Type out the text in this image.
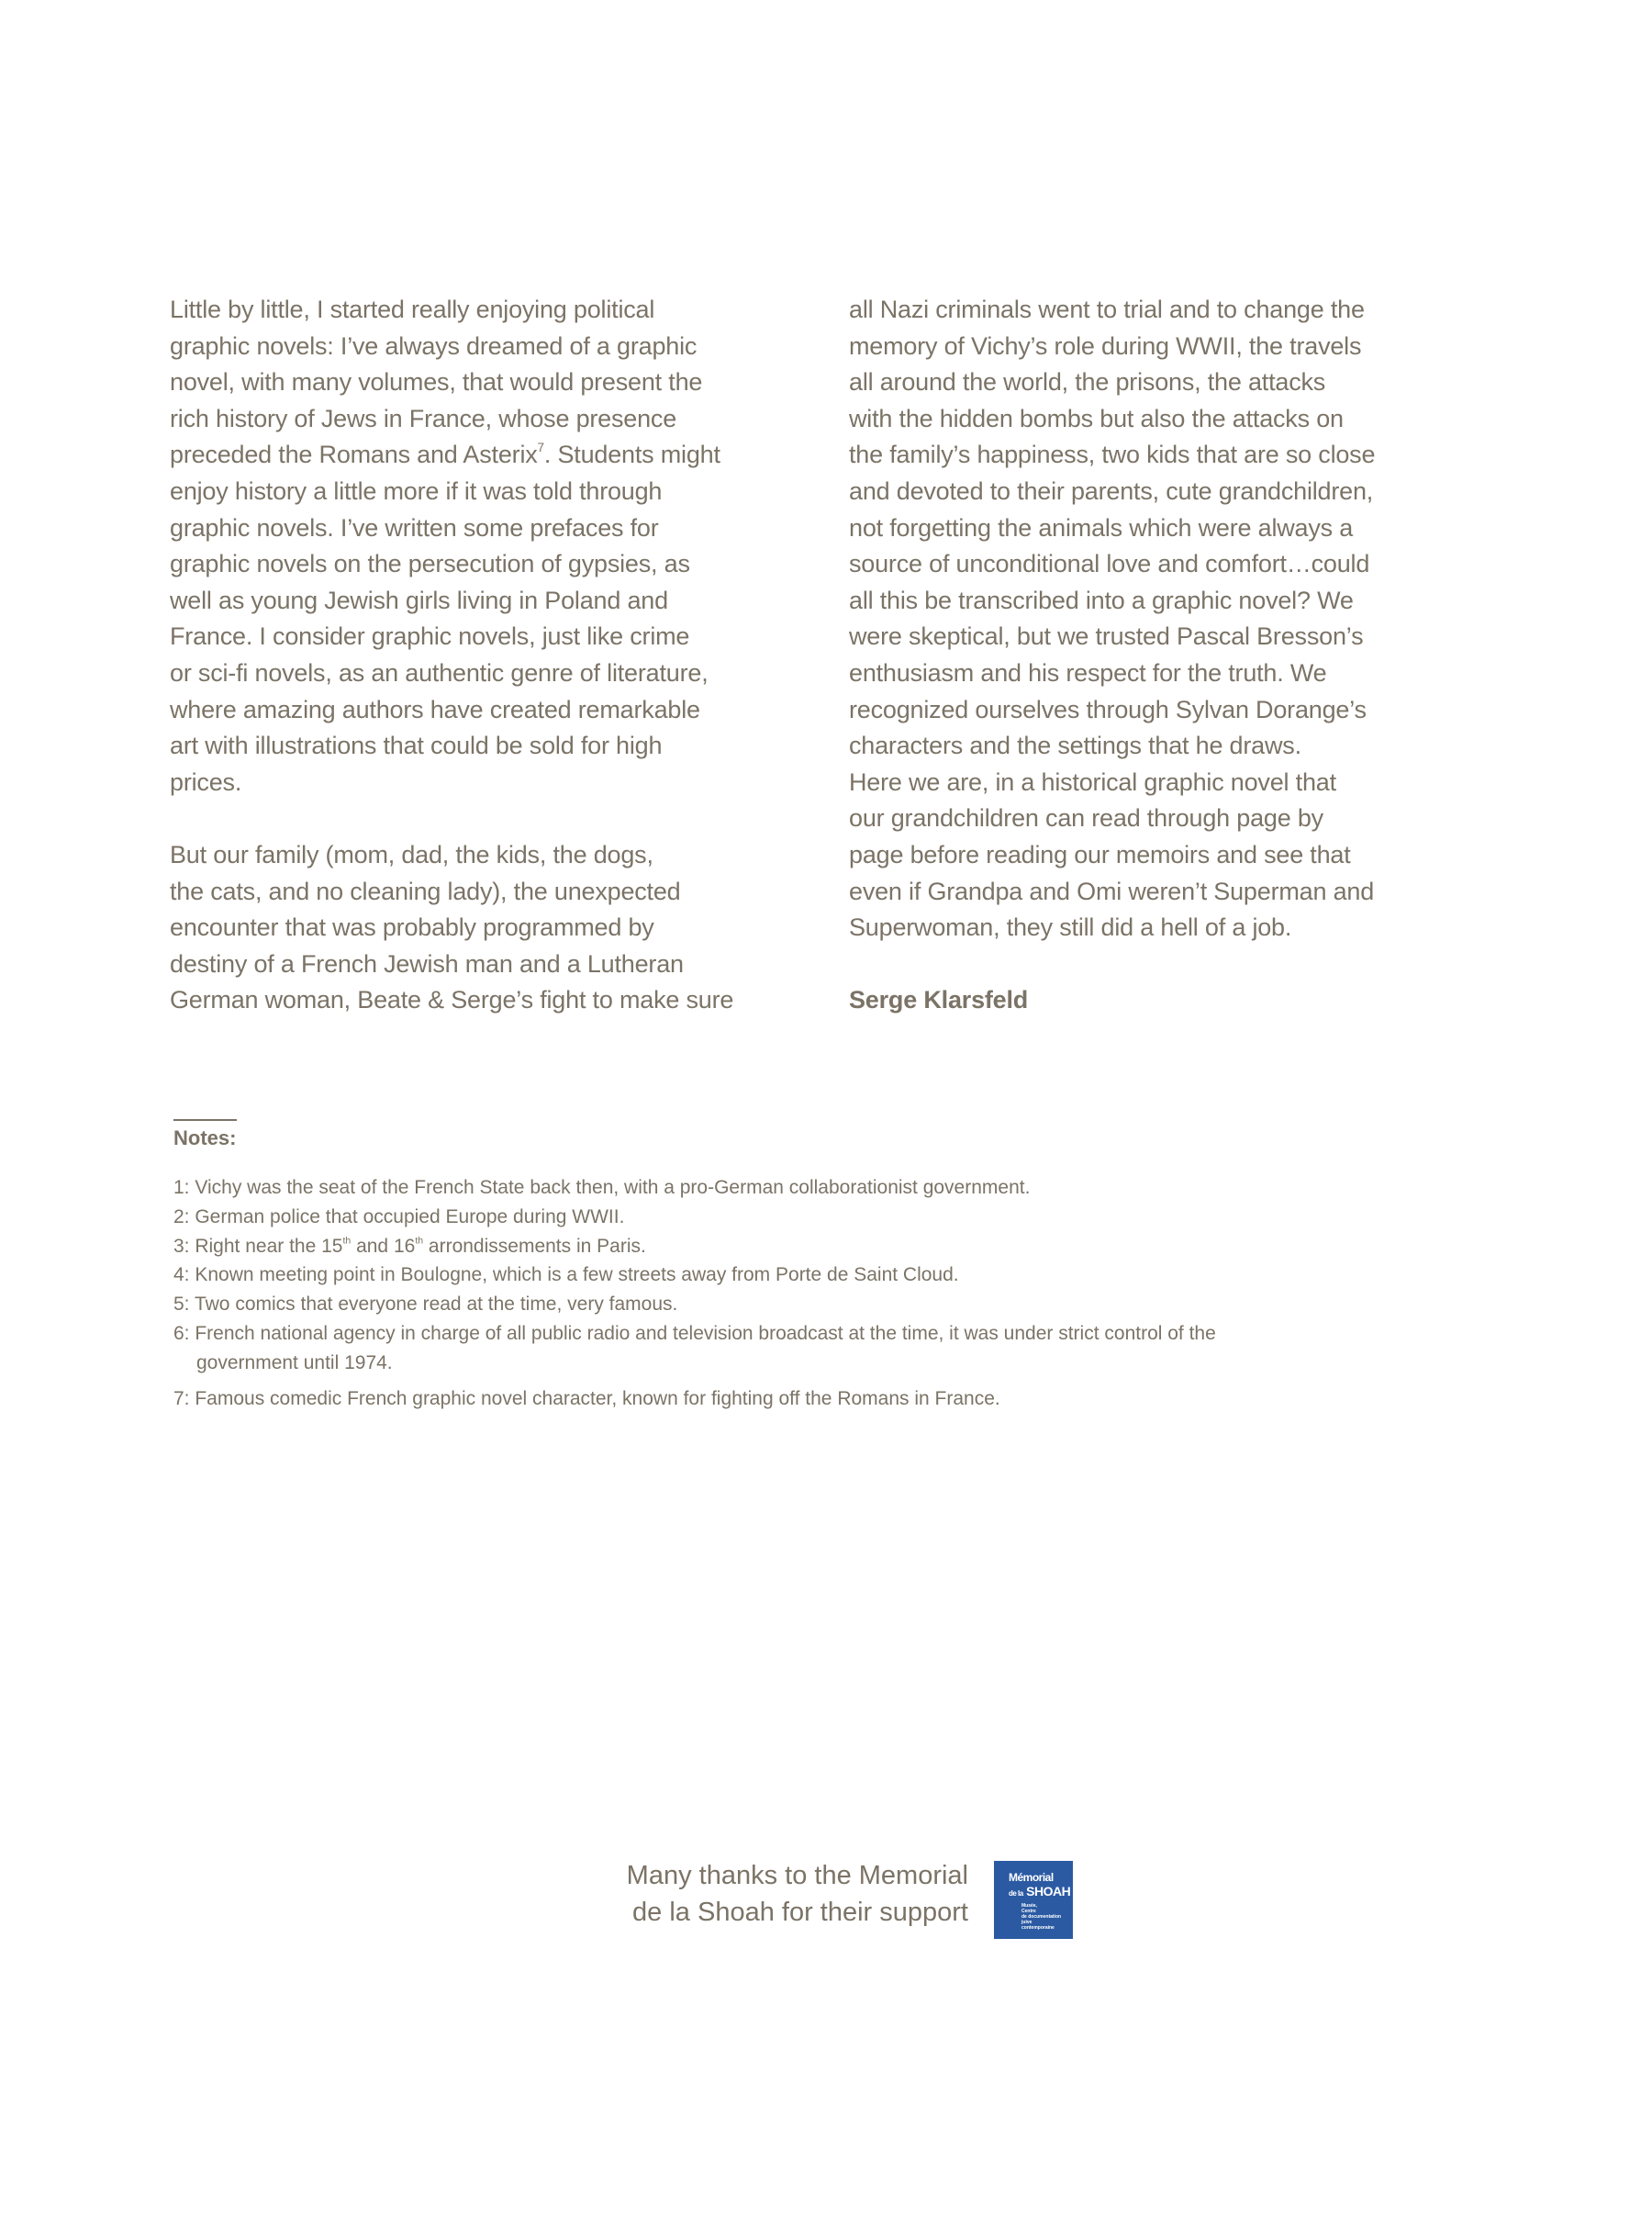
Little by little, I started really enjoying political
graphic novels: I’ve always dreamed of a graphic
novel, with many volumes, that would present the
rich history of Jews in France, whose presence
preceded the Romans and Asterix$^7$. Students might
enjoy history a little more if it was told through
graphic novels. I’ve written some prefaces for
graphic novels on the persecution of gypsies, as
well as young Jewish girls living in Poland and
France. I consider graphic novels, just like crime
or sci-fi novels, as an authentic genre of literature,
where amazing authors have created remarkable
art with illustrations that could be sold for high
prices.
But our family (mom, dad, the kids, the dogs,
the cats, and no cleaning lady), the unexpected
encounter that was probably programmed by
destiny of a French Jewish man and a Lutheran
German woman, Beate & Serge’s fight to make sure
all Nazi criminals went to trial and to change the
memory of Vichy’s role during WWII, the travels
all around the world, the prisons, the attacks
with the hidden bombs but also the attacks on
the family’s happiness, two kids that are so close
and devoted to their parents, cute grandchildren,
not forgetting the animals which were always a
source of unconditional love and comfort…could
all this be transcribed into a graphic novel? We
were skeptical, but we trusted Pascal Bresson’s
enthusiasm and his respect for the truth. We
recognized ourselves through Sylvan Dorange’s
characters and the settings that he draws.
Here we are, in a historical graphic novel that
our grandchildren can read through page by
page before reading our memoirs and see that
even if Grandpa and Omi weren’t Superman and
Superwoman, they still did a hell of a job.
Serge Klarsfeld
Notes:
1: Vichy was the seat of the French State back then, with a pro-German collaborationist government.
2: German police that occupied Europe during WWII.
3: Right near the 15th and 16th arrondissements in Paris.
4: Known meeting point in Boulogne, which is a few streets away from Porte de Saint Cloud.
5: Two comics that everyone read at the time, very famous.
6: French national agency in charge of all public radio and television broadcast at the time, it was under strict control of the
government until 1974.
7: Famous comedic French graphic novel character, known for fighting off the Romans in France.
Many thanks to the Memorial
de la Shoah for their support
Mémorial
de la SHOAH
Musée,
Centre
de documentation
juive
contemporaine
